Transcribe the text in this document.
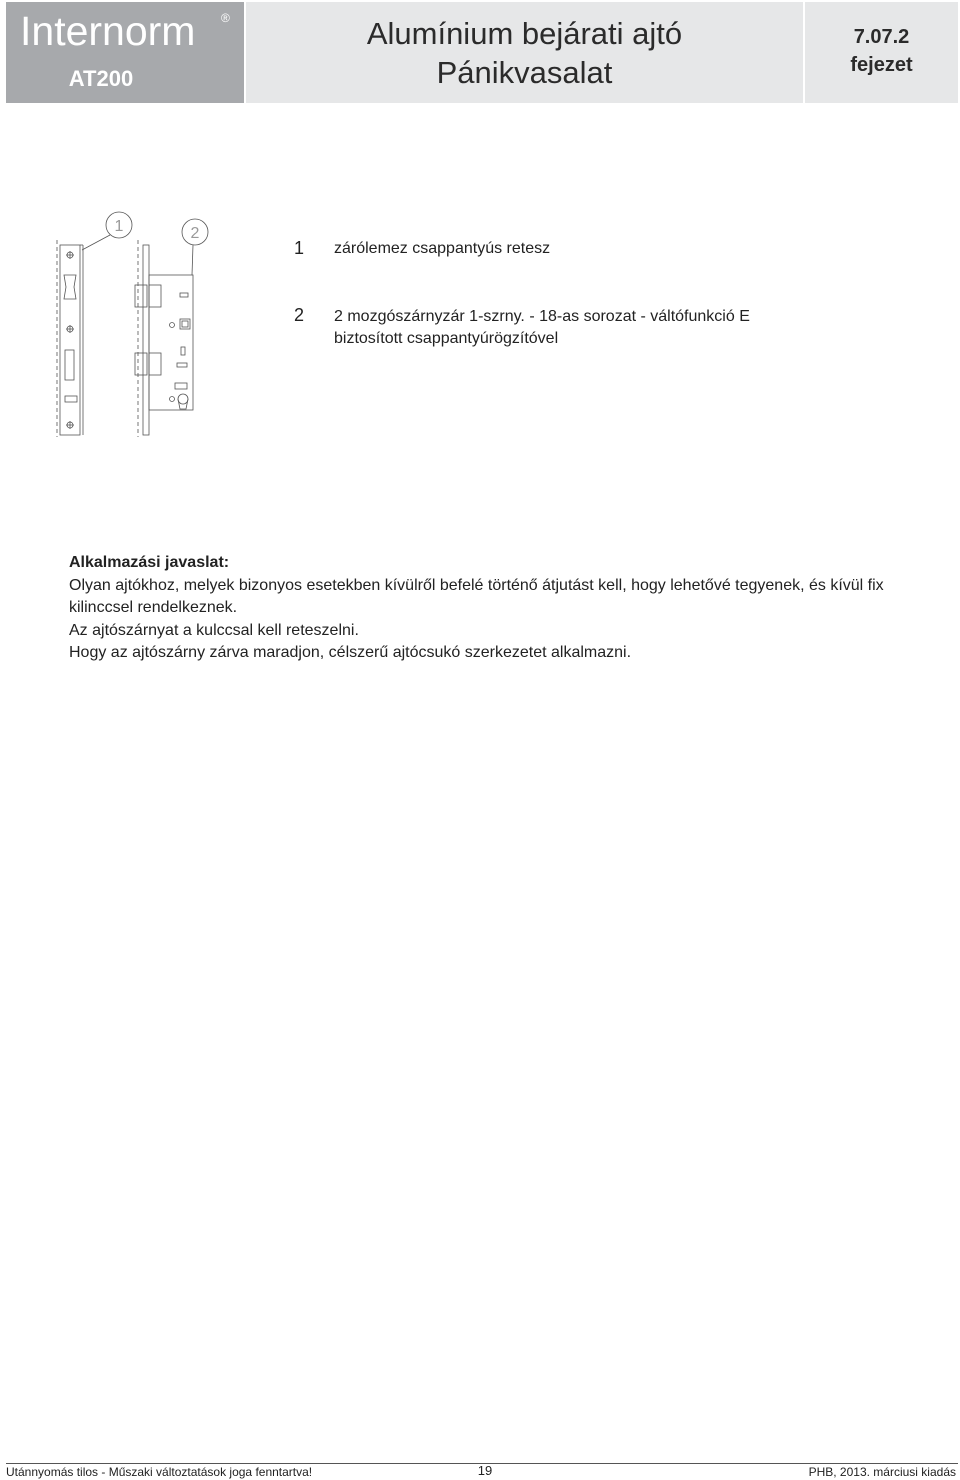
Internorm ®
AT200
Alumínium bejárati ajtó
Pánikvasalat
7.07.2
fejezet
1	2
1 zárólemez csappantyús retesz
2 2 mozgószárnyzár 1-szrny. - 18-as sorozat - váltófunkció E
biztosított csappantyúrögzítóvel
Alkalmazási javaslat:

Olyan ajtókhoz, melyek bizonyos esetekben kívülről befelé történő átjutást kell, hogy lehetővé tegyenek, és kívül fix kilinccsel rendelkeznek.

Az ajtószárnyat a kulccsal kell reteszelni.

Hogy az ajtószárny zárva maradjon, célszerű ajtócsukó szerkezetet alkalmazni.

Utánnyomás tilos - Műszaki változtatások joga fenntartva!	19	PHB, 2013. márciusi kiadás
